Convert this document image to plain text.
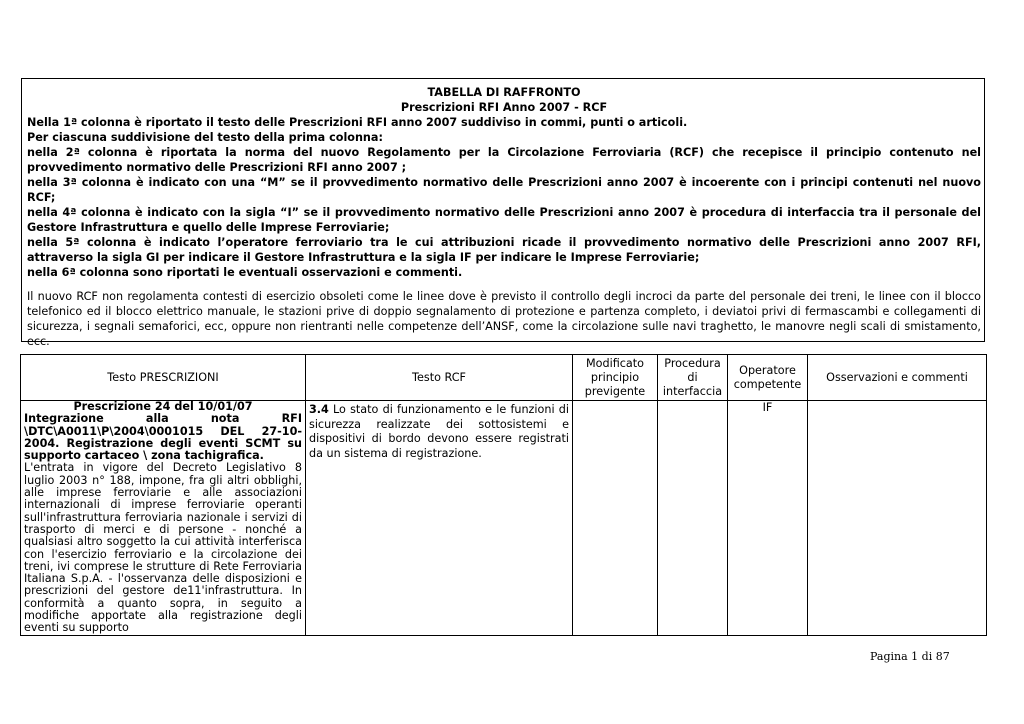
TABELLA DI RAFFRONTO
Prescrizioni RFI Anno 2007 - RCF
Nella 1ª colonna è riportato il testo delle Prescrizioni RFI anno 2007 suddiviso in commi, punti o articoli.
Per ciascuna suddivisione del testo della prima colonna:
nella 2ª colonna è riportata la norma del nuovo Regolamento per la Circolazione Ferroviaria (RCF) che recepisce il principio contenuto nel provvedimento normativo delle Prescrizioni RFI anno 2007 ;
nella 3ª colonna è indicato con una “M” se il provvedimento normativo delle Prescrizioni anno 2007 è incoerente con i principi contenuti nel nuovo RCF;
nella 4ª colonna è indicato con la sigla “I” se il provvedimento normativo delle Prescrizioni anno 2007 è procedura di interfaccia tra il personale del Gestore Infrastruttura e quello delle Imprese Ferroviarie;
nella 5ª colonna è indicato l’operatore ferroviario tra le cui attribuzioni ricade il provvedimento normativo delle Prescrizioni anno 2007 RFI, attraverso la sigla GI per indicare il Gestore Infrastruttura e la sigla IF per indicare le Imprese Ferroviarie;
nella 6ª colonna sono riportati le eventuali osservazioni e commenti.
Il nuovo RCF non regolamenta contesti di esercizio obsoleti come le linee dove è previsto il controllo degli incroci da parte del personale dei treni, le linee con il blocco telefonico ed il blocco elettrico manuale, le stazioni prive di doppio segnalamento di protezione e partenza completo, i deviatoi privi di fermascambi e collegamenti di sicurezza, i segnali semaforici, ecc, oppure non rientranti nelle competenze dell’ANSF, come la circolazione sulle navi traghetto, le manovre negli scali di smistamento, ecc.
Testo PRESCRIZIONI	Testo RCF	Modificato principio previgente	Procedura di interfaccia	Operatore competente	Osservazioni e commenti

Prescrizione 24 del 10/01/07
Integrazione alla nota RFI \DTC\A0011\P\2004\0001015 DEL 27-10-2004. Registrazione degli eventi SCMT su supporto cartaceo \ zona tachigrafica.
L'entrata in vigore del Decreto Legislativo 8 luglio 2003 n° 188, impone, fra gli altri obblighi, alle imprese ferroviarie e alle associazioni internazionali di imprese ferroviarie operanti sull'infrastruttura ferroviaria nazionale i servizi di trasporto di merci e di persone - nonché a qualsiasi altro soggetto la cui attività interferisca con l'esercizio ferroviario e la circolazione dei treni, ivi comprese le strutture di Rete Ferroviaria Italiana S.p.A. - l'osservanza delle disposizioni e prescrizioni del gestore de11'infrastruttura. In conformità a quanto sopra, in seguito a modifiche apportate alla registrazione degli eventi su supporto	3.4 Lo stato di funzionamento e le funzioni di sicurezza realizzate dei sottosistemi e dispositivi di bordo devono essere registrati da un sistema di registrazione.			IF	
Pagina 1 di 87
